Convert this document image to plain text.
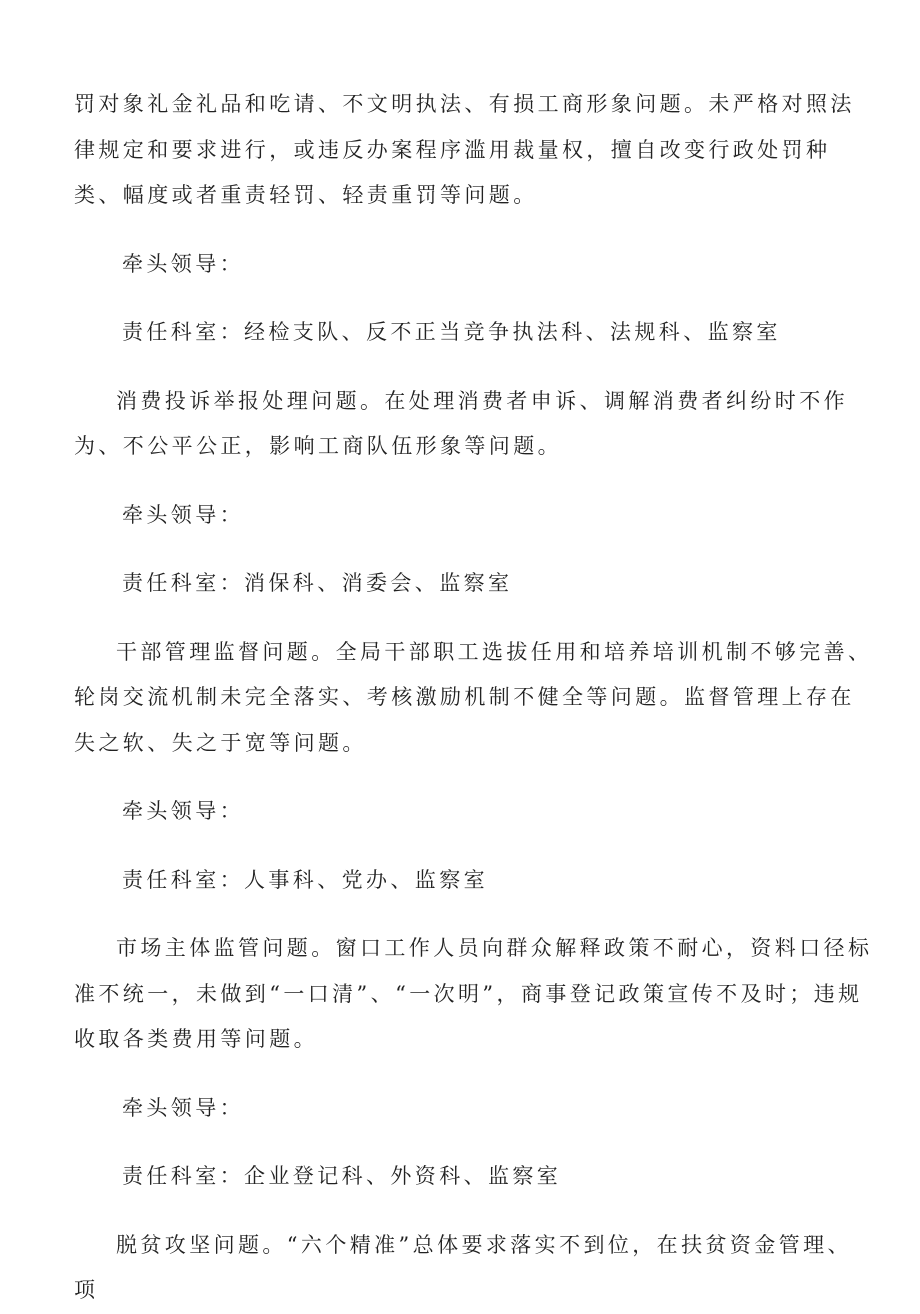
罚对象礼金礼品和吃请、不文明执法、有损工商形象问题。未严格对照法律规定和要求进行，或违反办案程序滥用裁量权，擅自改变行政处罚种类、幅度或者重责轻罚、轻责重罚等问题。

牵头领导：

责任科室：经检支队、反不正当竞争执法科、法规科、监察室

消费投诉举报处理问题。在处理消费者申诉、调解消费者纠纷时不作为、不公平公正，影响工商队伍形象等问题。

牵头领导：

责任科室：消保科、消委会、监察室

干部管理监督问题。全局干部职工选拔任用和培养培训机制不够完善、轮岗交流机制未完全落实、考核激励机制不健全等问题。监督管理上存在失之软、失之于宽等问题。

牵头领导：

责任科室：人事科、党办、监察室

市场主体监管问题。窗口工作人员向群众解释政策不耐心，资料口径标准不统一，未做到“一口清”、“一次明”，商事登记政策宣传不及时；违规收取各类费用等问题。

牵头领导：

责任科室：企业登记科、外资科、监察室

脱贫攻坚问题。“六个精准”总体要求落实不到位，在扶贫资金管理、项
